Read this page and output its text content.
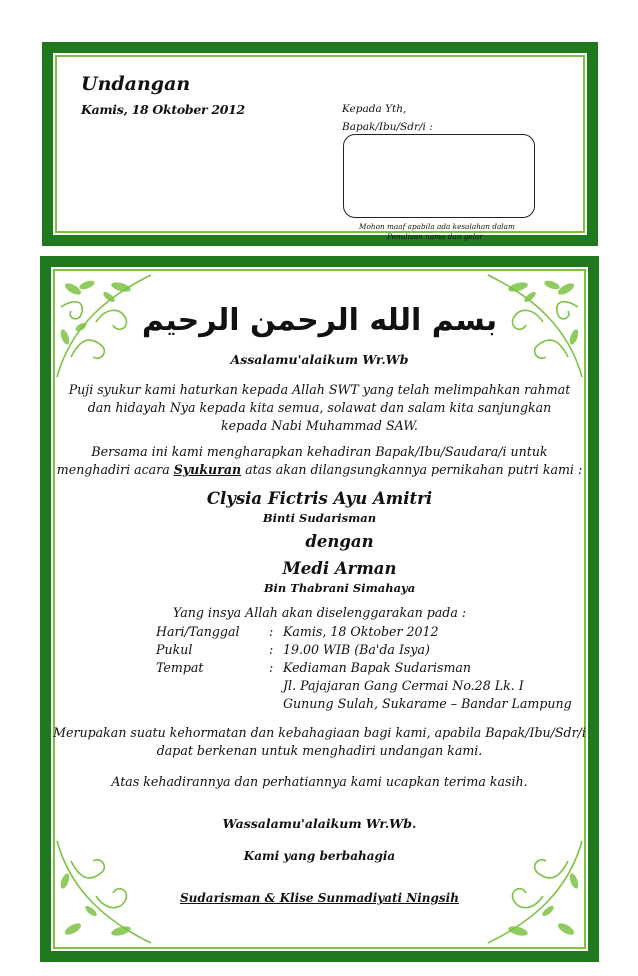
Undangan
Kamis, 18 Oktober 2012	Kepada Yth,
Bapak/Ibu/Sdr/i :
Mohon maaf apabila ada kesalahan dalam
Penulisan nama dan gelar
بسم الله الرحمن الرحيم
Assalamu'alaikum Wr.Wb
Puji syukur kami haturkan kepada Allah SWT yang telah melimpahkan rahmat
dan hidayah Nya kepada kita semua, solawat dan salam kita sanjungkan
kepada Nabi Muhammad SAW.
Bersama ini kami mengharapkan kehadiran Bapak/Ibu/Saudara/i untuk
menghadiri acara Syukuran atas akan dilangsungkannya pernikahan putri kami :
Clysia Fictris Ayu Amitri
Binti Sudarisman
dengan
Medi Arman
Bin Thabrani Simahaya
Yang insya Allah akan diselenggarakan pada :
Hari/Tanggal : Kamis, 18 Oktober 2012
Pukul	: 19.00 WIB (Ba'da Isya)
Tempat	: Kediaman Bapak Sudarisman
Jl. Pajajaran Gang Cermai No.28 Lk. I
Gunung Sulah, Sukarame – Bandar Lampung
Merupakan suatu kehormatan dan kebahagiaan bagi kami, apabila Bapak/Ibu/Sdr/i
dapat berkenan untuk menghadiri undangan kami.
Atas kehadirannya dan perhatiannya kami ucapkan terima kasih.
Wassalamu'alaikum Wr.Wb.
Kami yang berbahagia
Sudarisman & Klise Sunmadiyati Ningsih
